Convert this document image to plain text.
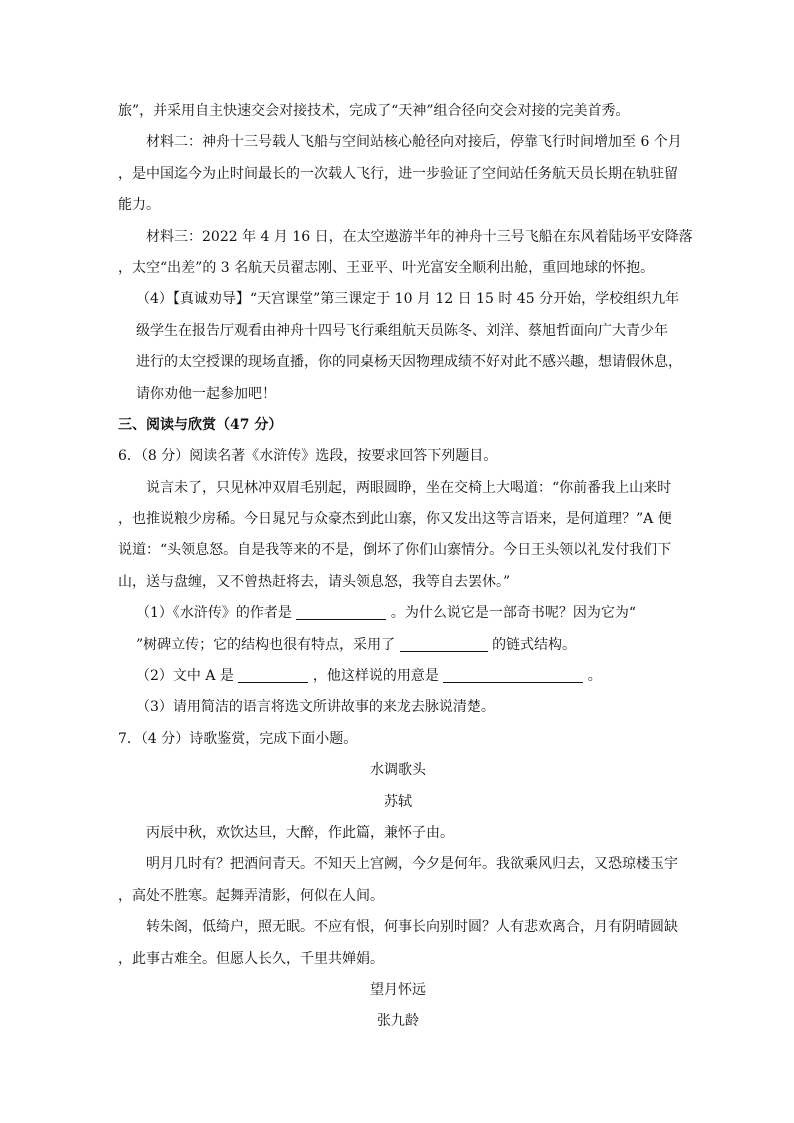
旅”，并采用自主快速交会对接技术，完成了“天神”组合径向交会对接的完美首秀。
材料二：神舟十三号载人飞船与空间站核心舱径向对接后，停靠飞行时间增加至 6 个月
，是中国迄今为止时间最长的一次载人飞行，进一步验证了空间站任务航天员长期在轨驻留
能力。
材料三：2022 年 4 月 16 日，在太空遨游半年的神舟十三号飞船在东风着陆场平安降落
，太空“出差”的 3 名航天员翟志刚、王亚平、叶光富安全顺利出舱，重回地球的怀抱。
（4）【真诚劝导】“天宫课堂”第三课定于 10 月 12 日 15 时 45 分开始，学校组织九年
级学生在报告厅观看由神舟十四号飞行乘组航天员陈冬、刘洋、蔡旭哲面向广大青少年
进行的太空授课的现场直播，你的同桌杨天因物理成绩不好对此不感兴趣，想请假休息，
请你劝他一起参加吧！
三、阅读与欣赏（47 分）
6．（8 分）阅读名著《水浒传》选段，按要求回答下列题目。
说言未了，只见林冲双眉毛别起，两眼圆睁，坐在交椅上大喝道：“你前番我上山来时
，也推说粮少房稀。今日晁兄与众豪杰到此山寨，你又发出这等言语来，是何道理？”A 便
说道：“头领息怒。自是我等来的不是，倒坏了你们山寨情分。今日王头领以礼发付我们下
山，送与盘缠，又不曾热赶将去，请头领息怒，我等自去罢休。”
（1）《水浒传》的作者是	。为什么说它是一部奇书呢？因为它为“
”树碑立传；它的结构也很有特点，采用了	的链式结构。
（2）文中 A 是	，他这样说的用意是	。
（3）请用简洁的语言将选文所讲故事的来龙去脉说清楚。
7．（4 分）诗歌鉴赏，完成下面小题。
水调歌头
苏轼
丙辰中秋，欢饮达旦，大醉，作此篇，兼怀子由。
明月几时有？把酒问青天。不知天上宫阙，今夕是何年。我欲乘风归去，又恐琼楼玉宇
，高处不胜寒。起舞弄清影，何似在人间。
转朱阁，低绮户，照无眠。不应有恨，何事长向别时圆？人有悲欢离合，月有阴晴圆缺
，此事古难全。但愿人长久，千里共婵娟。
望月怀远
张九龄
